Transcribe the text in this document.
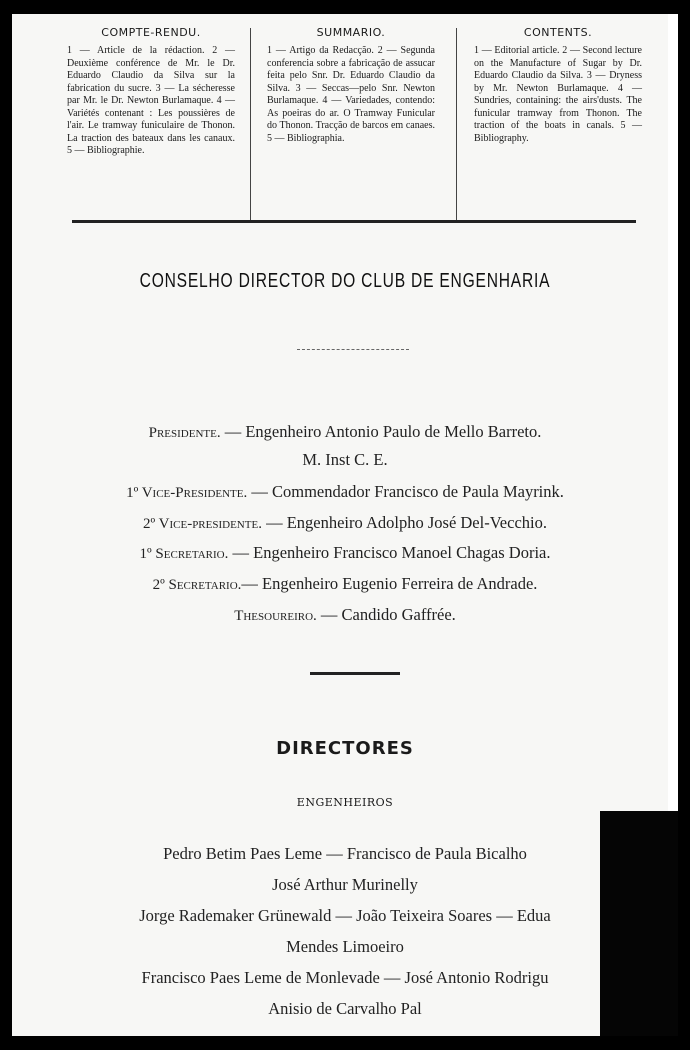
COMPTE-RENDU.

1 — Article de la rédaction. 2 — Deuxième conférence de Mr. le Dr. Eduardo Claudio da Silva sur la fabrication du sucre. 3 — La sécheresse par Mr. le Dr. Newton Burlamaque. 4 — Variétés contenant : Les poussières de l'air. Le tramway funiculaire de Thonon. La traction des bateaux dans les canaux. 5 — Bibliographie.

SUMMARIO.

1 — Artigo da Redacção. 2 — Segunda conferencia sobre a fabricação de assucar feita pelo Snr. Dr. Eduardo Claudio da Silva. 3 — Seccas—pelo Snr. Newton Burlamaque. 4 — Variedades, contendo: As poeiras do ar. O Tramway Funicular do Thonon. Tracção de barcos em canaes. 5 — Bibliographia.

CONTENTS.

1 — Editorial article. 2 — Second lecture on the Manufacture of Sugar by Dr. Eduardo Claudio da Silva. 3 — Dryness by Mr. Newton Burlamaque. 4 — Sundries, containing: the airs'dusts. The funicular tramway from Thonon. The traction of the boats in canals. 5 — Bibliography.

CONSELHO DIRECTOR DO CLUB DE ENGENHARIA
Presidente. — Engenheiro Antonio Paulo de Mello Barreto.
M. Inst C. E.
1º Vice-Presidente. — Commendador Francisco de Paula Mayrink.
2º Vice-presidente. — Engenheiro Adolpho José Del-Vecchio.
1º Secretario. — Engenheiro Francisco Manoel Chagas Doria.
2º Secretario.— Engenheiro Eugenio Ferreira de Andrade.
Thesoureiro. — Candido Gaffrée.
DIRECTORES
ENGENHEIROS
Pedro Betim Paes Leme — Francisco de Paula Bicalho
José Arthur Murinelly
Jorge Rademaker Grünewald — João Teixeira Soares — Edua
Mendes Limoeiro
Francisco Paes Leme de Monlevade — José Antonio Rodrigu
Anisio de Carvalho Pal
